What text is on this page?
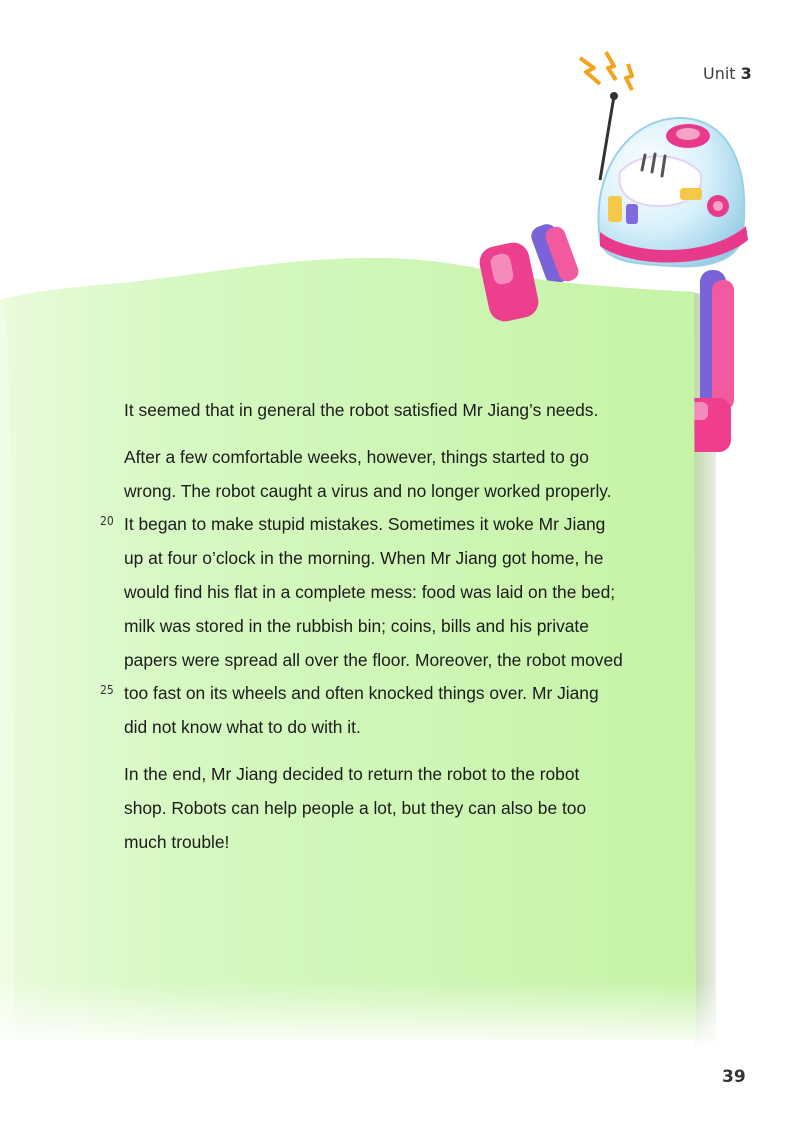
Unit 3

It seemed that in general the robot satisfied Mr Jiang’s needs.

After a few comfortable weeks, however, things started to go
wrong. The robot caught a virus and no longer worked properly.
It began to make stupid mistakes. Sometimes it woke Mr Jiang
up at four o’clock in the morning. When Mr Jiang got home, he
would find his flat in a complete mess: food was laid on the bed;
milk was stored in the rubbish bin; coins, bills and his private
papers were spread all over the floor. Moreover, the robot moved
too fast on its wheels and often knocked things over. Mr Jiang
did not know what to do with it.

In the end, Mr Jiang decided to return the robot to the robot
shop. Robots can help people a lot, but they can also be too
much trouble!

20
25
39
